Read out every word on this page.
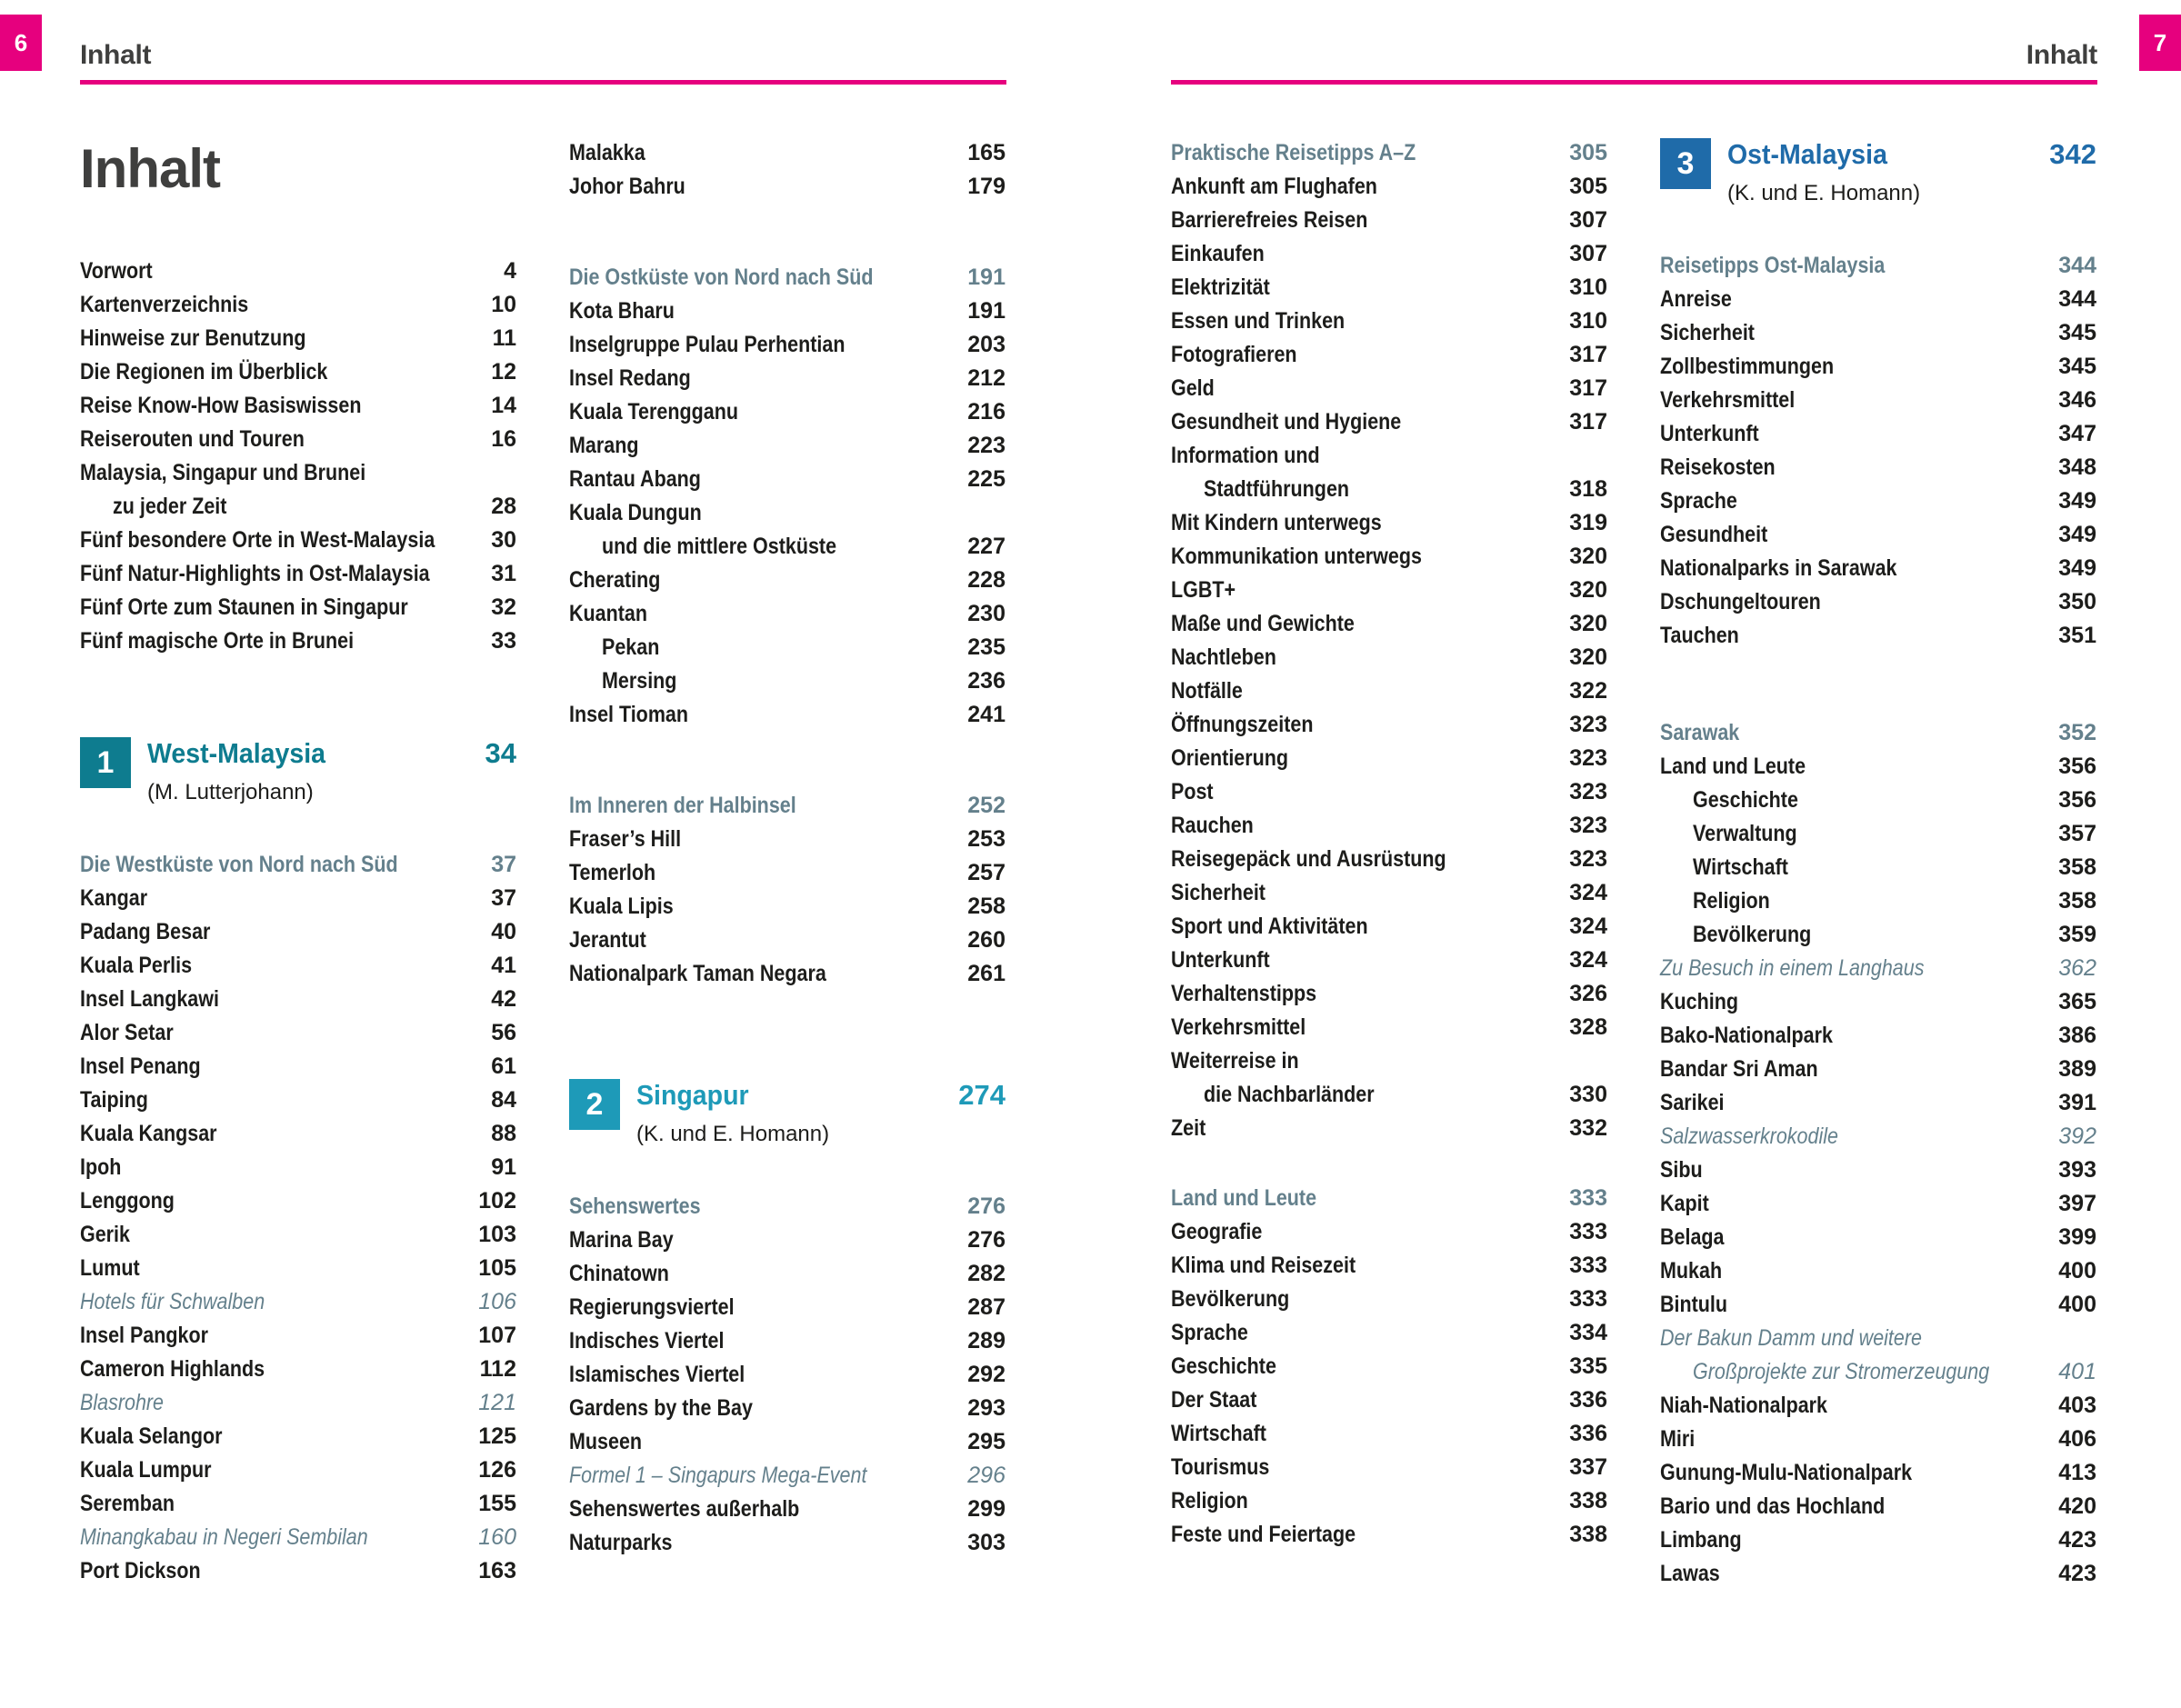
6	Inhalt
Inhalt
Vorwort	4
Kartenverzeichnis	10
Hinweise zur Benutzung	11
Die Regionen im Überblick	12
Reise Know-How Basiswissen	14
Reiserouten und Touren	16
Malaysia, Singapur und Brunei
zu jeder Zeit	28
Fünf besondere Orte in West-Malaysia 30
Fünf Natur-Highlights in Ost-Malaysia	31
Fünf Orte zum Staunen in Singapur	32
Fünf magische Orte in Brunei	33
1	West-Malaysia	34
(M. Lutterjohann)
Die Westküste von Nord nach Süd	37
Kangar	37
Padang Besar	40
Kuala Perlis	41
Insel Langkawi	42
Alor Setar	56
Insel Penang	61
Taiping	84
Kuala Kangsar	88
Ipoh	91
Lenggong	102
Gerik	103
Lumut	105
Hotels für Schwalben	106
Insel Pangkor	107
Cameron Highlands	112
Blasrohre	121
Kuala Selangor	125
Kuala Lumpur	126
Seremban	155
Minangkabau in Negeri Sembilan	160
Port Dickson	163
Malakka	165
Johor Bahru	179
Die Ostküste von Nord nach Süd	191
Kota Bharu	191
Inselgruppe Pulau Perhentian	203
Insel Redang	212
Kuala Terengganu	216
Marang	223
Rantau Abang	225
Kuala Dungun
und die mittlere Ostküste	227
Cherating	228
Kuantan	230
Pekan	235
Mersing	236
Insel Tioman	241
Im Inneren der Halbinsel	252
Fraser’s Hill	253
Temerloh	257
Kuala Lipis	258
Jerantut	260
Nationalpark Taman Negara	261
2	Singapur	274
(K. und E. Homann)
Sehenswertes	276
Marina Bay	276
Chinatown	282
Regierungsviertel	287
Indisches Viertel	289
Islamisches Viertel	292
Gardens by the Bay	293
Museen	295
Formel 1 – Singapurs Mega-Event	296
Sehenswertes außerhalb	299
Naturparks	303
7
Inhalt
Praktische Reisetipps A–Z	305
Ankunft am Flughafen	305
Barrierefreies Reisen	307
Einkaufen	307
Elektrizität	310
Essen und Trinken	310
Fotografieren	317
Geld	317
Gesundheit und Hygiene	317
Information und
Stadtführungen	318
Mit Kindern unterwegs	319
Kommunikation unterwegs	320
LGBT+	320
Maße und Gewichte	320
Nachtleben	320
Notfälle	322
Öffnungszeiten	323
Orientierung	323
Post	323
Rauchen	323
Reisegepäck und Ausrüstung	323
Sicherheit	324
Sport und Aktivitäten	324
Unterkunft	324
Verhaltenstipps	326
Verkehrsmittel	328
Weiterreise in
die Nachbarländer	330
Zeit	332
Land und Leute	333
Geografie	333
Klima und Reisezeit	333
Bevölkerung	333
Sprache	334
Geschichte	335
Der Staat	336
Wirtschaft	336
Tourismus	337
Religion	338
Feste und Feiertage	338
3	Ost-Malaysia	342
(K. und E. Homann)
Reisetipps Ost-Malaysia	344
Anreise	344
Sicherheit	345
Zollbestimmungen	345
Verkehrsmittel	346
Unterkunft	347
Reisekosten	348
Sprache	349
Gesundheit	349
Nationalparks in Sarawak	349
Dschungeltouren	350
Tauchen	351
Sarawak	352
Land und Leute	356
Geschichte	356
Verwaltung	357
Wirtschaft	358
Religion	358
Bevölkerung	359
Zu Besuch in einem Langhaus	362
Kuching	365
Bako-Nationalpark	386
Bandar Sri Aman	389
Sarikei	391
Salzwasserkrokodile	392
Sibu	393
Kapit	397
Belaga	399
Mukah	400
Bintulu	400
Der Bakun Damm und weitere
Großprojekte zur Stromerzeugung	401
Niah-Nationalpark	403
Miri	406
Gunung-Mulu-Nationalpark	413
Bario und das Hochland	420
Limbang	423
Lawas	423
